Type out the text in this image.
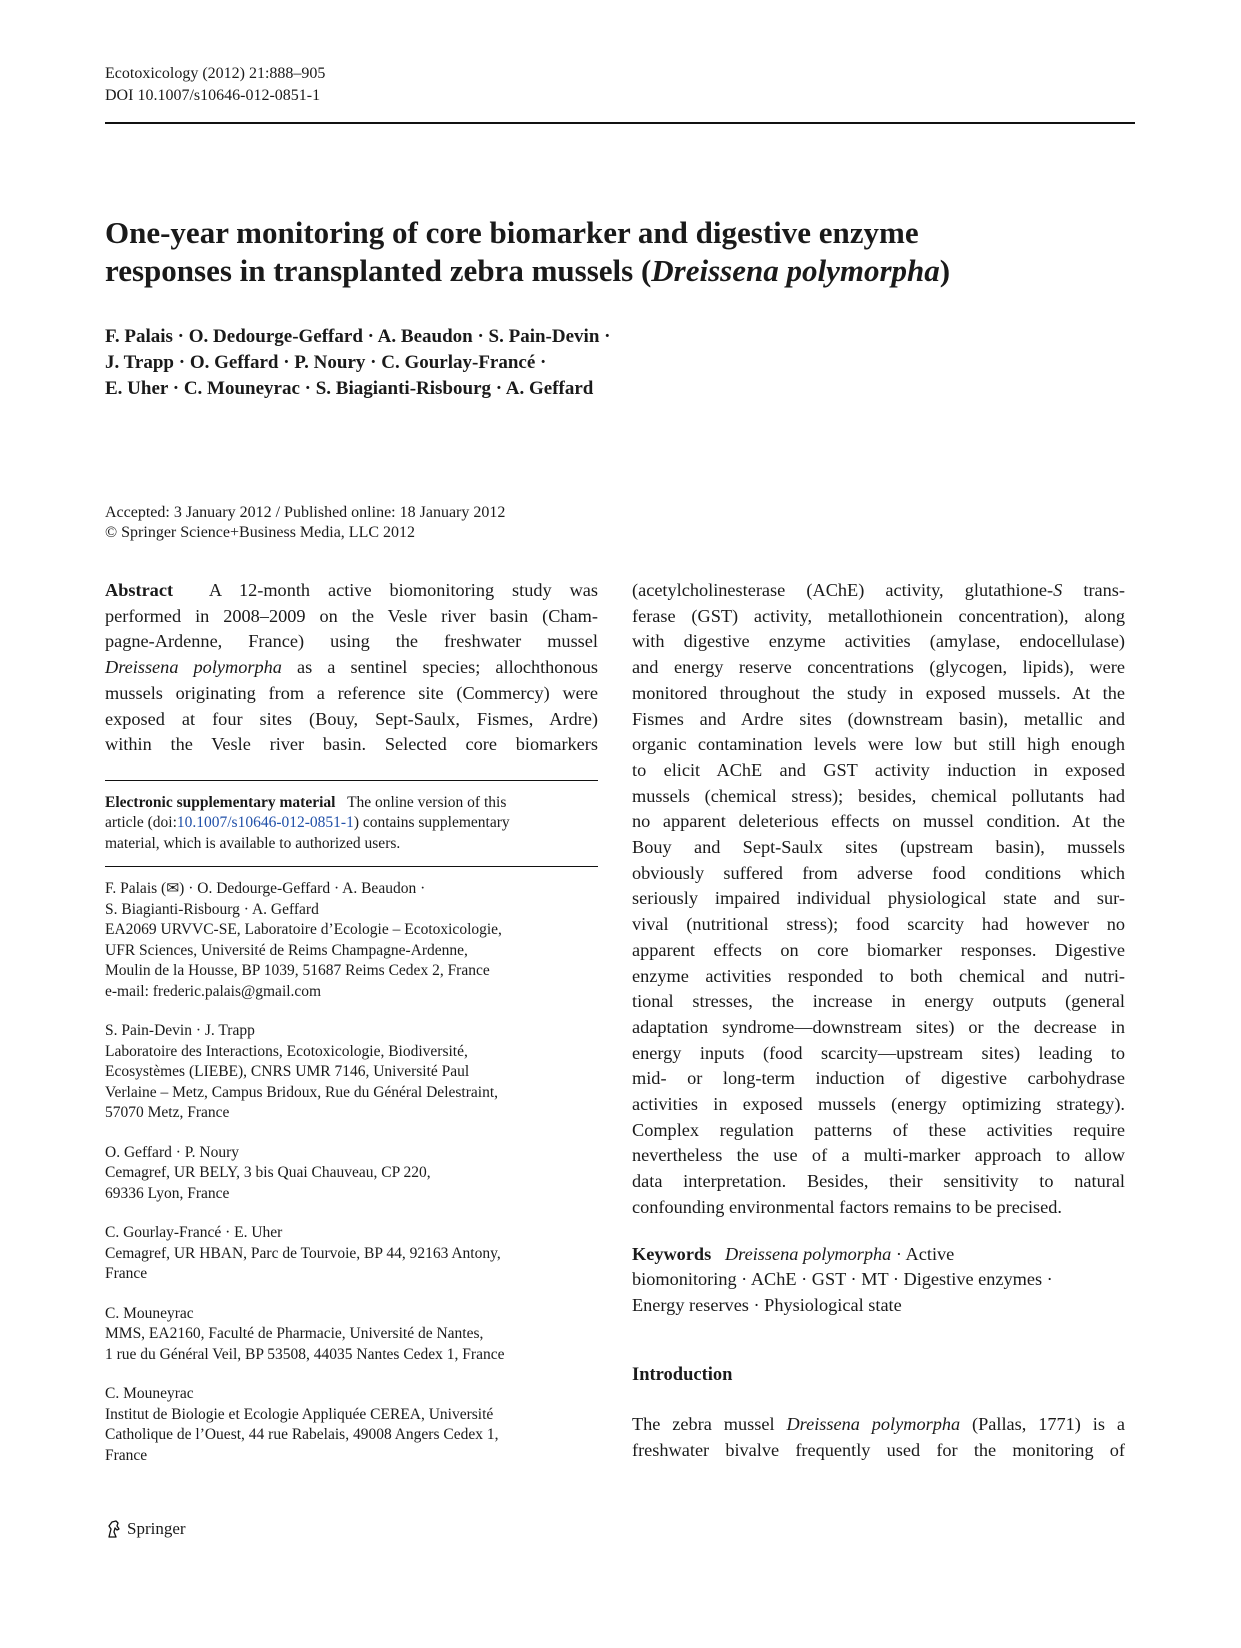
Ecotoxicology (2012) 21:888–905
DOI 10.1007/s10646-012-0851-1
One-year monitoring of core biomarker and digestive enzyme
responses in transplanted zebra mussels (Dreissena polymorpha)
F. Palais · O. Dedourge-Geffard · A. Beaudon · S. Pain-Devin ·
J. Trapp · O. Geffard · P. Noury · C. Gourlay-Francé ·
E. Uher · C. Mouneyrac · S. Biagianti-Risbourg · A. Geffard
Accepted: 3 January 2012 / Published online: 18 January 2012
© Springer Science+Business Media, LLC 2012
Abstract A 12-month active biomonitoring study was
performed in 2008–2009 on the Vesle river basin (Cham-
pagne-Ardenne, France) using the freshwater mussel
Dreissena polymorpha as a sentinel species; allochthonous
mussels originating from a reference site (Commercy) were
exposed at four sites (Bouy, Sept-Saulx, Fismes, Ardre)
within the Vesle river basin. Selected core biomarkers
Electronic supplementary material The online version of this
article (doi:10.1007/s10646-012-0851-1) contains supplementary
material, which is available to authorized users.
F. Palais (✉) · O. Dedourge-Geffard · A. Beaudon ·
S. Biagianti-Risbourg · A. Geffard
EA2069 URVVC-SE, Laboratoire d’Ecologie – Ecotoxicologie,
UFR Sciences, Université de Reims Champagne-Ardenne,
Moulin de la Housse, BP 1039, 51687 Reims Cedex 2, France
e-mail: frederic.palais@gmail.com
S. Pain-Devin · J. Trapp
Laboratoire des Interactions, Ecotoxicologie, Biodiversité,
Ecosystèmes (LIEBE), CNRS UMR 7146, Université Paul
Verlaine – Metz, Campus Bridoux, Rue du Général Delestraint,
57070 Metz, France
O. Geffard · P. Noury
Cemagref, UR BELY, 3 bis Quai Chauveau, CP 220,
69336 Lyon, France
C. Gourlay-Francé · E. Uher
Cemagref, UR HBAN, Parc de Tourvoie, BP 44, 92163 Antony,
France
C. Mouneyrac
MMS, EA2160, Faculté de Pharmacie, Université de Nantes,
1 rue du Général Veil, BP 53508, 44035 Nantes Cedex 1, France
C. Mouneyrac
Institut de Biologie et Ecologie Appliquée CEREA, Université
Catholique de l’Ouest, 44 rue Rabelais, 49008 Angers Cedex 1,
France
(acetylcholinesterase (AChE) activity, glutathione-S trans-
ferase (GST) activity, metallothionein concentration), along
with digestive enzyme activities (amylase, endocellulase)
and energy reserve concentrations (glycogen, lipids), were
monitored throughout the study in exposed mussels. At the
Fismes and Ardre sites (downstream basin), metallic and
organic contamination levels were low but still high enough
to elicit AChE and GST activity induction in exposed
mussels (chemical stress); besides, chemical pollutants had
no apparent deleterious effects on mussel condition. At the
Bouy and Sept-Saulx sites (upstream basin), mussels
obviously suffered from adverse food conditions which
seriously impaired individual physiological state and sur-
vival (nutritional stress); food scarcity had however no
apparent effects on core biomarker responses. Digestive
enzyme activities responded to both chemical and nutri-
tional stresses, the increase in energy outputs (general
adaptation syndrome—downstream sites) or the decrease in
energy inputs (food scarcity—upstream sites) leading to
mid- or long-term induction of digestive carbohydrase
activities in exposed mussels (energy optimizing strategy).
Complex regulation patterns of these activities require
nevertheless the use of a multi-marker approach to allow
data interpretation. Besides, their sensitivity to natural
confounding environmental factors remains to be precised.
Keywords Dreissena polymorpha · Active
biomonitoring · AChE · GST · MT · Digestive enzymes ·
Energy reserves · Physiological state
Introduction
The zebra mussel Dreissena polymorpha (Pallas, 1771) is a
freshwater bivalve frequently used for the monitoring of
Springer
